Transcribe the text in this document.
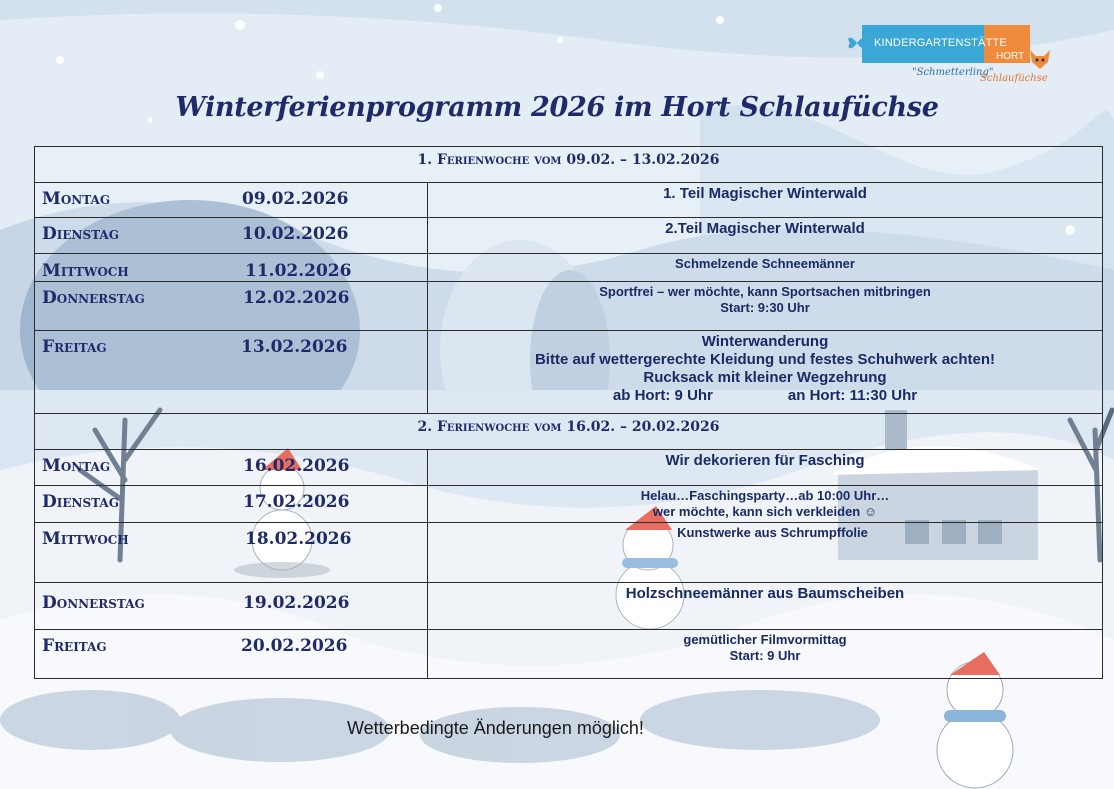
KINDERGARTENSTÄTTE
HORT
"Schmetterling"
Schlaufüchse
Winterferienprogramm 2026 im Hort Schlaufüchse
1. Ferienwoche vom 09.02. – 13.02.2026	

Montag 09.02.2026	1. Teil Magischer Winterwald

Dienstag 10.02.2026	2.Teil Magischer Winterwald

Mittwoch 11.02.2026	Schmelzende Schneemänner

Donnerstag 12.02.2026	Sportfrei – wer möchte, kann Sportsachen mitbringen
Start: 9:30 Uhr

Freitag 13.02.2026	Winterwanderung
Bitte auf wettergerechte Kleidung und festes Schuhwerk achten!
Rucksack mit kleiner Wegzehrung
ab Hort: 9 Uhr                  an Hort: 11:30 Uhr

2. Ferienwoche vom 16.02. – 20.02.2026	

Montag 16.02.2026	Wir dekorieren für Fasching

Dienstag 17.02.2026	Helau…Faschingsparty…ab 10:00 Uhr…
wer möchte, kann sich verkleiden ☺

Mittwoch 18.02.2026	Kunstwerke aus Schrumpffolie

Donnerstag 19.02.2026	Holzschneemänner aus Baumscheiben

Freitag 20.02.2026	gemütlicher Filmvormittag
Start: 9 Uhr
Wetterbedingte Änderungen möglich!
